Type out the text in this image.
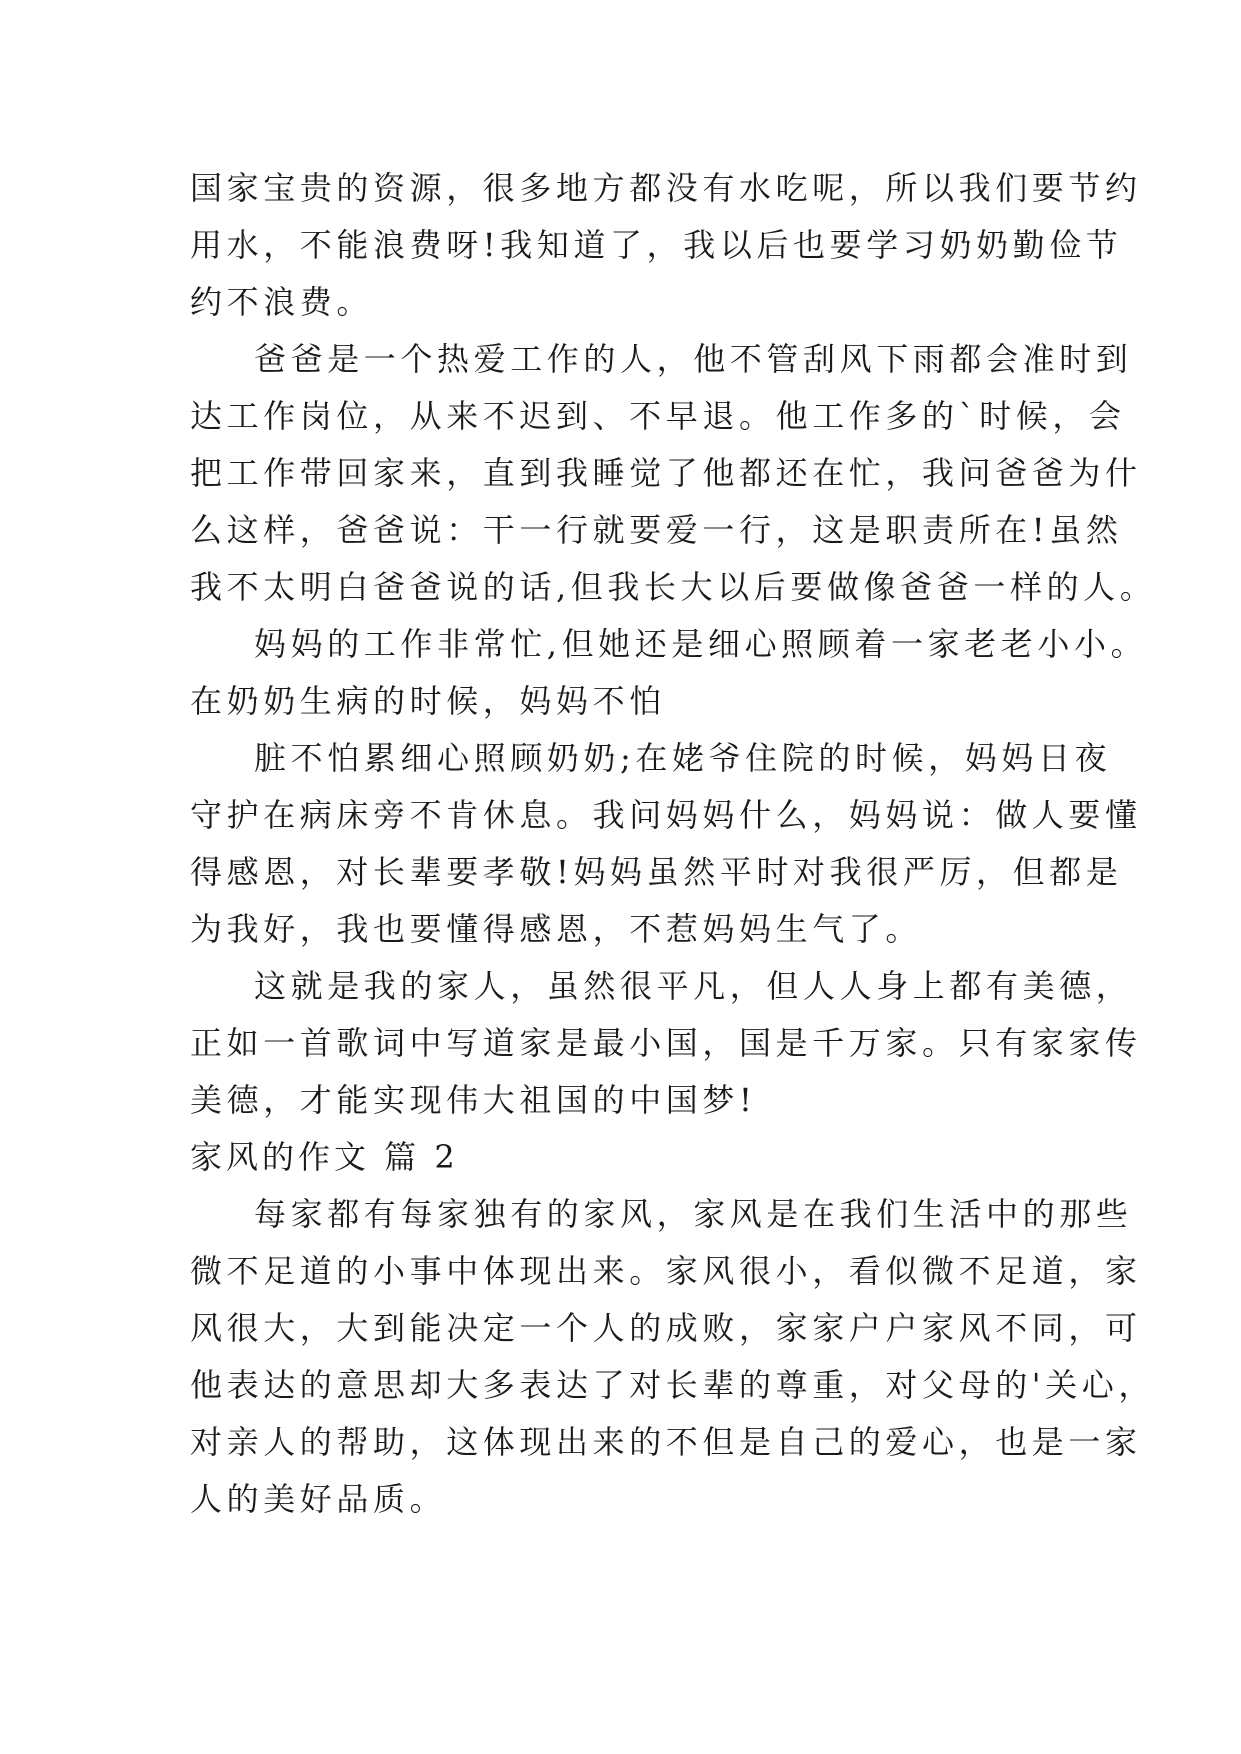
国家宝贵的资源，很多地方都没有水吃呢，所以我们要节约
用水，不能浪费呀!我知道了，我以后也要学习奶奶勤俭节
约不浪费。
爸爸是一个热爱工作的人，他不管刮风下雨都会准时到
达工作岗位，从来不迟到、不早退。他工作多的`时候，会
把工作带回家来，直到我睡觉了他都还在忙，我问爸爸为什
么这样，爸爸说：干一行就要爱一行，这是职责所在!虽然
我不太明白爸爸说的话,但我长大以后要做像爸爸一样的人。
妈妈的工作非常忙,但她还是细心照顾着一家老老小小。
在奶奶生病的时候，妈妈不怕
脏不怕累细心照顾奶奶;在姥爷住院的时候，妈妈日夜
守护在病床旁不肯休息。我问妈妈什么，妈妈说：做人要懂
得感恩，对长辈要孝敬!妈妈虽然平时对我很严厉，但都是
为我好，我也要懂得感恩，不惹妈妈生气了。
这就是我的家人，虽然很平凡，但人人身上都有美德，
正如一首歌词中写道家是最小国，国是千万家。只有家家传
美德，才能实现伟大祖国的中国梦!
家风的作文 篇 2
每家都有每家独有的家风，家风是在我们生活中的那些
微不足道的小事中体现出来。家风很小，看似微不足道，家
风很大，大到能决定一个人的成败，家家户户家风不同，可
他表达的意思却大多表达了对长辈的尊重，对父母的'关心，
对亲人的帮助，这体现出来的不但是自己的爱心，也是一家
人的美好品质。
